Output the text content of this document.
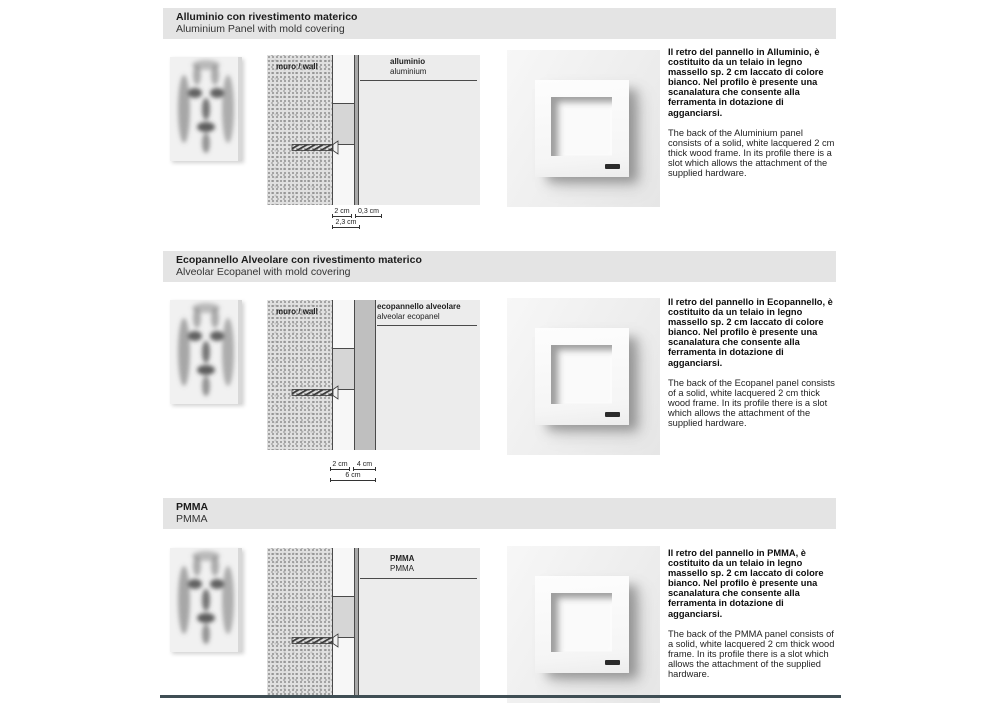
Alluminio con rivestimento materico
Aluminium Panel with mold covering
muro / wall
alluminio
aluminium
2 cm	0,3 cm
2,3 cm

Il retro del pannello in Alluminio, è costituito da un telaio in legno massello sp. 2 cm laccato di colore bianco. Nel profilo è presente una scanalatura che consente alla ferramenta in dotazione di agganciarsi.

The back of the Aluminium panel consists of a solid, white lacquered 2 cm thick wood frame. In its profile there is a slot which allows the attachment of the supplied hardware.

Ecopannello Alveolare con rivestimento materico
Alveolar Ecopanel with mold covering
muro / wall
ecopannello alveolare
alveolar ecopanel
2 cm	4 cm
6 cm

Il retro del pannello in Ecopannello, è costituito da un telaio in legno massello sp. 2 cm laccato di colore bianco. Nel profilo è presente una scanalatura che consente alla ferramenta in dotazione di agganciarsi.

The back of the Ecopanel panel consists of a solid, white lacquered 2 cm thick wood frame. In its profile there is a slot which allows the attachment of the supplied hardware.

PMMA
PMMA
PMMA
PMMA

Il retro del pannello in PMMA, è costituito da un telaio in legno massello sp. 2 cm laccato di colore bianco. Nel profilo è presente una scanalatura che consente alla ferramenta in dotazione di agganciarsi.

The back of the PMMA panel consists of a solid, white lacquered 2 cm thick wood frame. In its profile there is a slot which allows the attachment of the supplied hardware.
